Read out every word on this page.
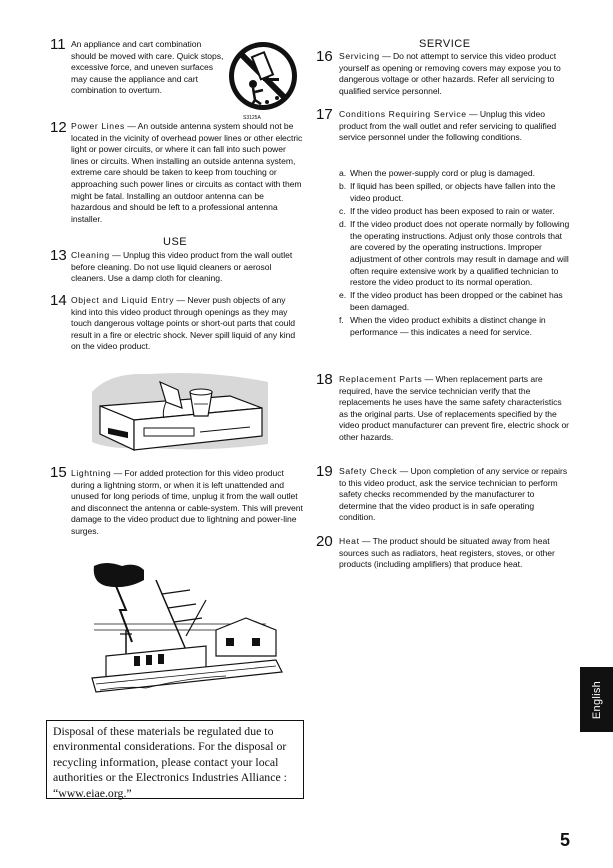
11 An appliance and cart combination should be moved with care. Quick stops, excessive force, and uneven surfaces may cause the appliance and cart combination to overturn.

S3125A
12 Power Lines — An outside antenna system should not be located in the vicinity of overhead power lines or other electric light or power circuits, or where it can fall into such power lines or circuits. When installing an outside antenna system, extreme care should be taken to keep from touching or approaching such power lines or circuits as contact with them might be fatal. Installing an outdoor antenna can be hazardous and should be left to a professional antenna installer.

USE
13 Cleaning — Unplug this video product from the wall outlet before cleaning. Do not use liquid cleaners or aerosol cleaners. Use a damp cloth for cleaning.

14 Object and Liquid Entry — Never push objects of any kind into this video product through openings as they may touch dangerous voltage points or short-out parts that could result in a fire or electric shock. Never spill liquid of any kind on the video product.

15 Lightning — For added protection for this video product during a lightning storm, or when it is left unattended and unused for long periods of time, unplug it from the wall outlet and disconnect the antenna or cable-system. This will prevent damage to the video product due to lightning and power-line surges.

Disposal of these materials be regulated due to environmental considerations. For the disposal or recycling information, please contact your local authorities or the Electronics Industries Alliance : “www.eiae.org.”
SERVICE
16 Servicing — Do not attempt to service this video product yourself as opening or removing covers may expose you to dangerous voltage or other hazards. Refer all servicing to qualified service personnel.

17 Conditions Requiring Service — Unplug this video product from the wall outlet and refer servicing to qualified service personnel under the following conditions.

a. When the power-supply cord or plug is damaged.
b. If liquid has been spilled, or objects have fallen into the video product.
c. If the video product has been exposed to rain or water.
d. If the video product does not operate normally by following the operating instructions. Adjust only those controls that are covered by the operating instructions. Improper adjustment of other controls may result in damage and will often require extensive work by a qualified technician to restore the video product to its normal operation.
e. If the video product has been dropped or the cabinet has been damaged.
f. When the video product exhibits a distinct change in performance — this indicates a need for service.
18 Replacement Parts — When replacement parts are required, have the service technician verify that the replacements he uses have the same safety characteristics as the original parts. Use of replacements specified by the video product manufacturer can prevent fire, electric shock or other hazards.

19 Safety Check — Upon completion of any service or repairs to this video product, ask the service technician to perform safety checks recommended by the manufacturer to determine that the video product is in safe operating condition.

20 Heat — The product should be situated away from heat sources such as radiators, heat registers, stoves, or other products (including amplifiers) that produce heat.

English
5
